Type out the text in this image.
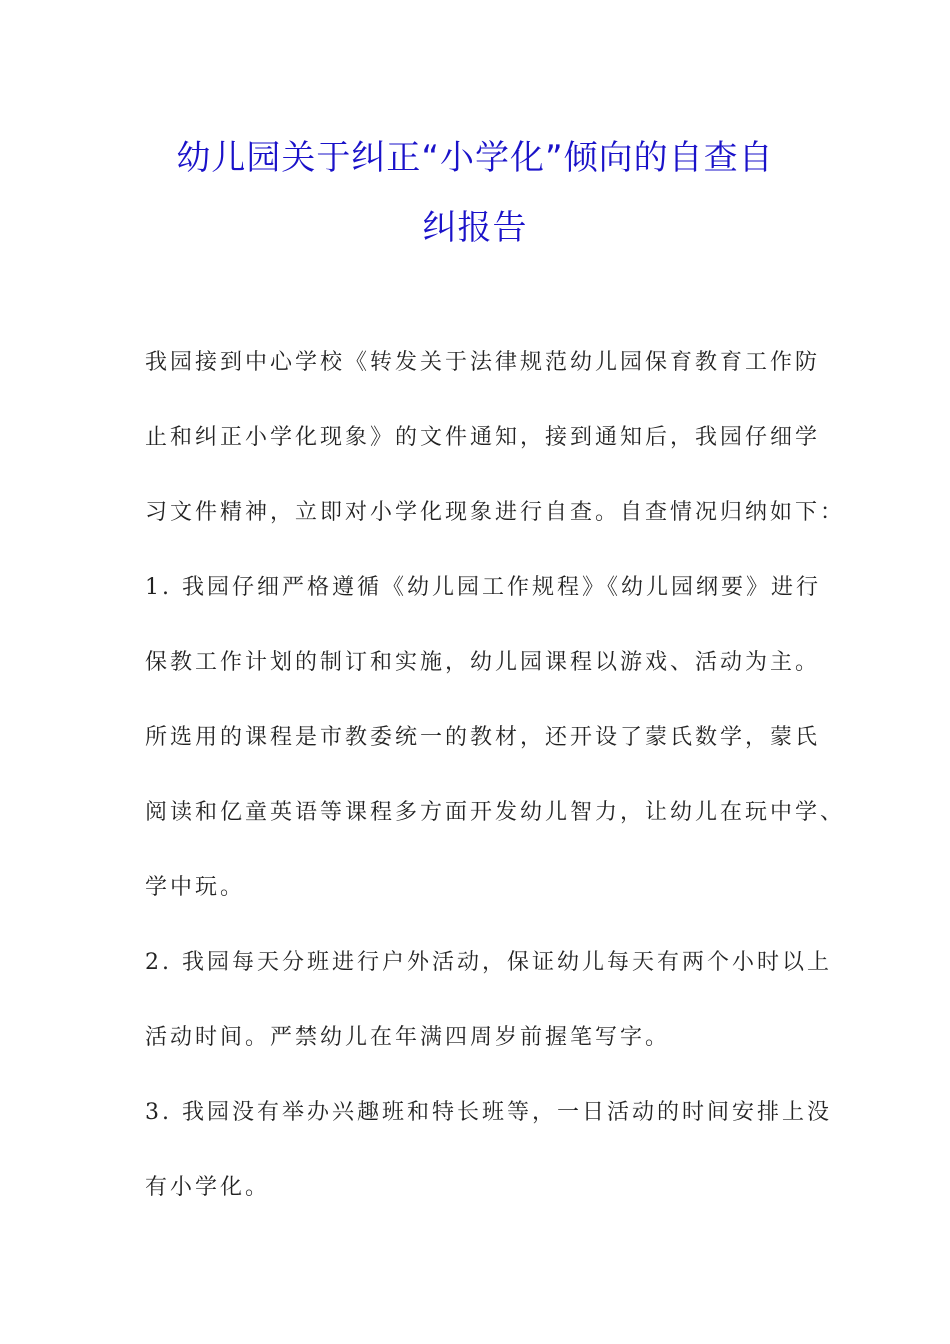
幼儿园关于纠正“小学化”倾向的自查自
纠报告

我园接到中心学校《转发关于法律规范幼儿园保育教育工作防

止和纠正小学化现象》的文件通知，接到通知后，我园仔细学

习文件精神，立即对小学化现象进行自查。自查情况归纳如下：

1. 我园仔细严格遵循《幼儿园工作规程》《幼儿园纲要》进行

保教工作计划的制订和实施，幼儿园课程以游戏、活动为主。

所选用的课程是市教委统一的教材，还开设了蒙氏数学，蒙氏

阅读和亿童英语等课程多方面开发幼儿智力，让幼儿在玩中学、

学中玩。

2. 我园每天分班进行户外活动，保证幼儿每天有两个小时以上

活动时间。严禁幼儿在年满四周岁前握笔写字。

3. 我园没有举办兴趣班和特长班等，一日活动的时间安排上没

有小学化。
